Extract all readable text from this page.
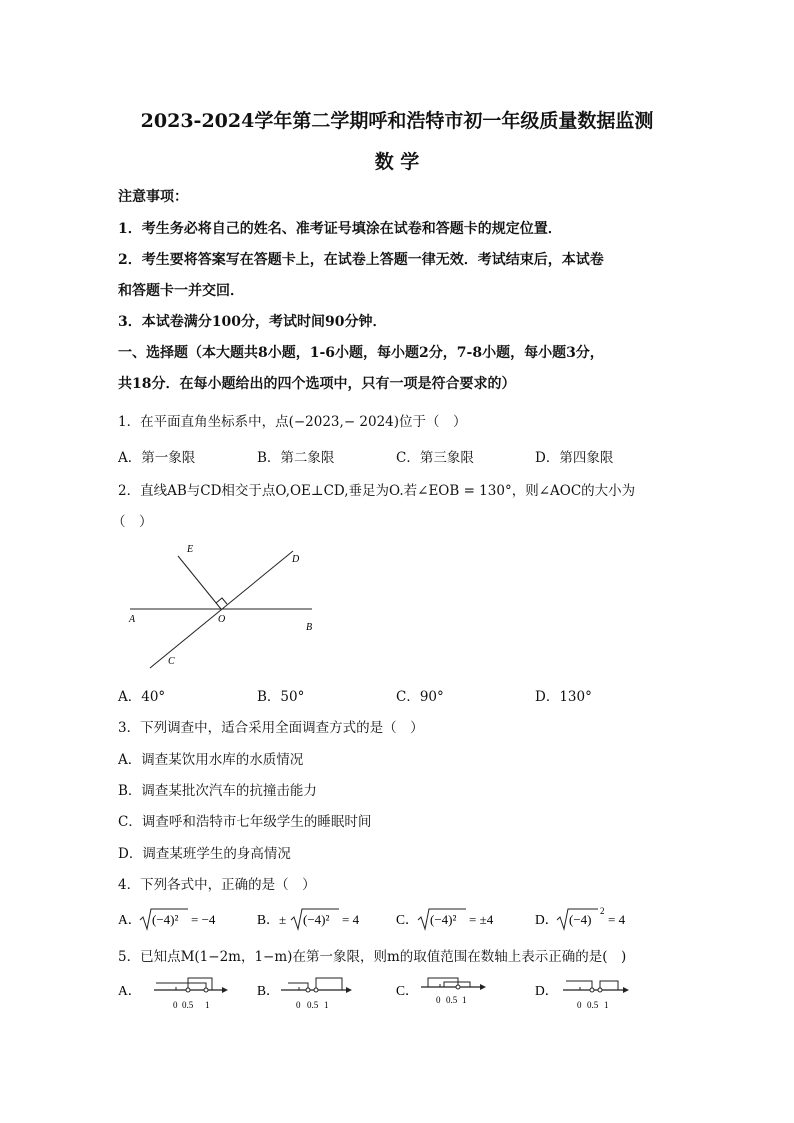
2023-2024学年第二学期呼和浩特市初一年级质量数据监测
数 学
注意事项：
1．考生务必将自己的姓名、准考证号填涂在试卷和答题卡的规定位置．
2．考生要将答案写在答题卡上，在试卷上答题一律无效．考试结束后，本试卷
和答题卡一并交回．
3．本试卷满分100分，考试时间90分钟．
一、选择题（本大题共8小题，1-6小题，每小题2分，7-8小题，每小题3分，
共18分．在每小题给出的四个选项中，只有一项是符合要求的）
1．在平面直角坐标系中，点(−2023,− 2024)位于（　）
A．第一象限	B．第二象限	C．第三象限	D．第四象限
2．直线AB与CD相交于点O,OE⊥CD,垂足为O.若∠EOB = 130°，则∠AOC的大小为
（　）
E
D
A	O
B
C
A．40°	B．50°	C．90°	D．130°
3．下列调查中，适合采用全面调查方式的是（　）
A．调查某饮用水库的水质情况
B．调查某批次汽车的抗撞击能力
C．调查呼和浩特市七年级学生的睡眠时间
D．调查某班学生的身高情况
4．下列各式中，正确的是（　）
A． (−4)² = −4	B． ± (−4)² = 4	C． (−4)² = ±4	D． (−4)
2
= 4
5．已知点M(1−2m，1−m)在第一象限，则m的取值范围在数轴上表示正确的是(　)
A．
0 0.5 1
B．
0 0.5 1
C．
0 0.5 1
D．
0 0.5 1
